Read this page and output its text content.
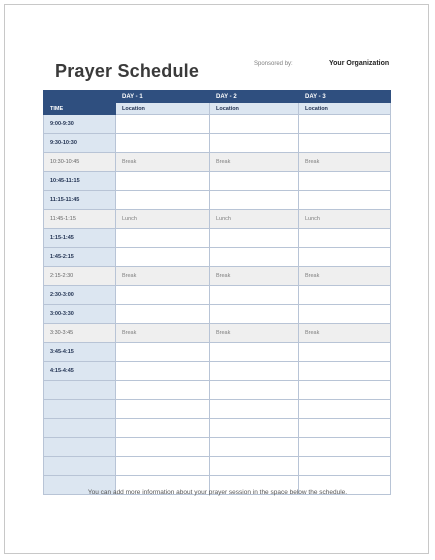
Prayer Schedule	Sponsored by:	Your Organization
	DAY - 1	DAY - 2	DAY - 3
TIME	Location	Location	Location
9:00-9:30			
9:30-10:30			
10:30-10:45	Break	Break	Break
10:45-11:15			
11:15-11:45			
11:45-1:15	Lunch	Lunch	Lunch
1:15-1:45			
1:45-2:15			
2:15-2:30	Break	Break	Break
2:30-3:00			
3:00-3:30			
3:30-3:45	Break	Break	Break
3:45-4:15			
4:15-4:45			

You can add more information about your prayer session in the space below the schedule.
